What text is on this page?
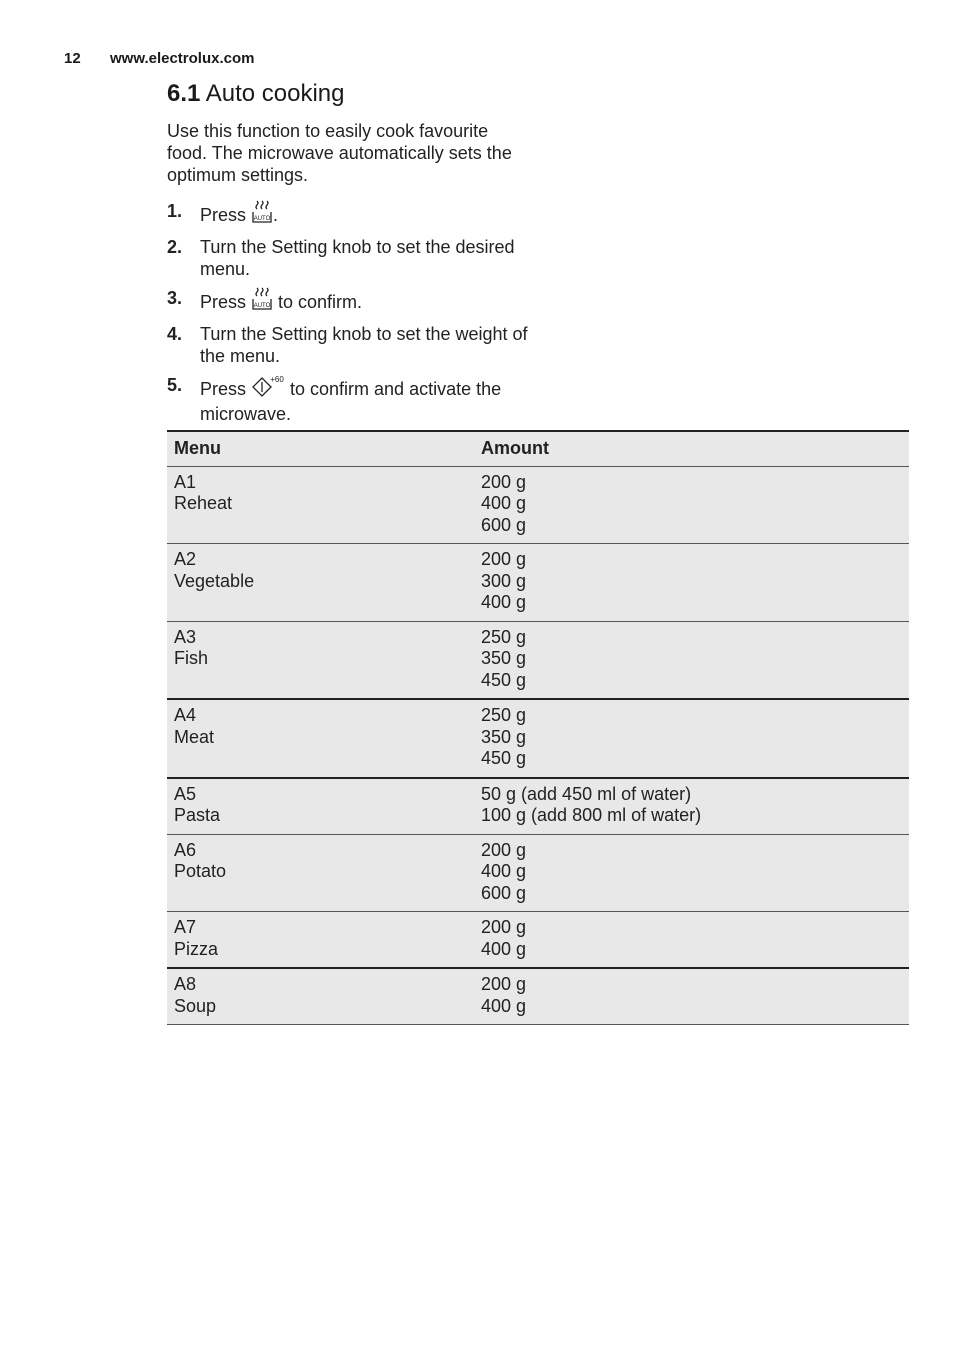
12 www.electrolux.com
6.1 Auto cooking

Use this function to easily cook favourite food. The microwave automatically sets the optimum settings.

1. Press AUTO .
2. Turn the Setting knob to set the desired menu.
3. Press AUTO to confirm.
4. Turn the Setting knob to set the weight of the menu.
5. Press +60 to confirm and activate the microwave.
Menu	Amount

A1
Reheat	200 g
400 g
600 g

A2
Vegetable	200 g
300 g
400 g

A3
Fish	250 g
350 g
450 g

A4
Meat	250 g
350 g
450 g

A5
Pasta	50 g (add 450 ml of water)
100 g (add 800 ml of water)

A6
Potato	200 g
400 g
600 g

A7
Pizza	200 g
400 g

A8
Soup	200 g
400 g
